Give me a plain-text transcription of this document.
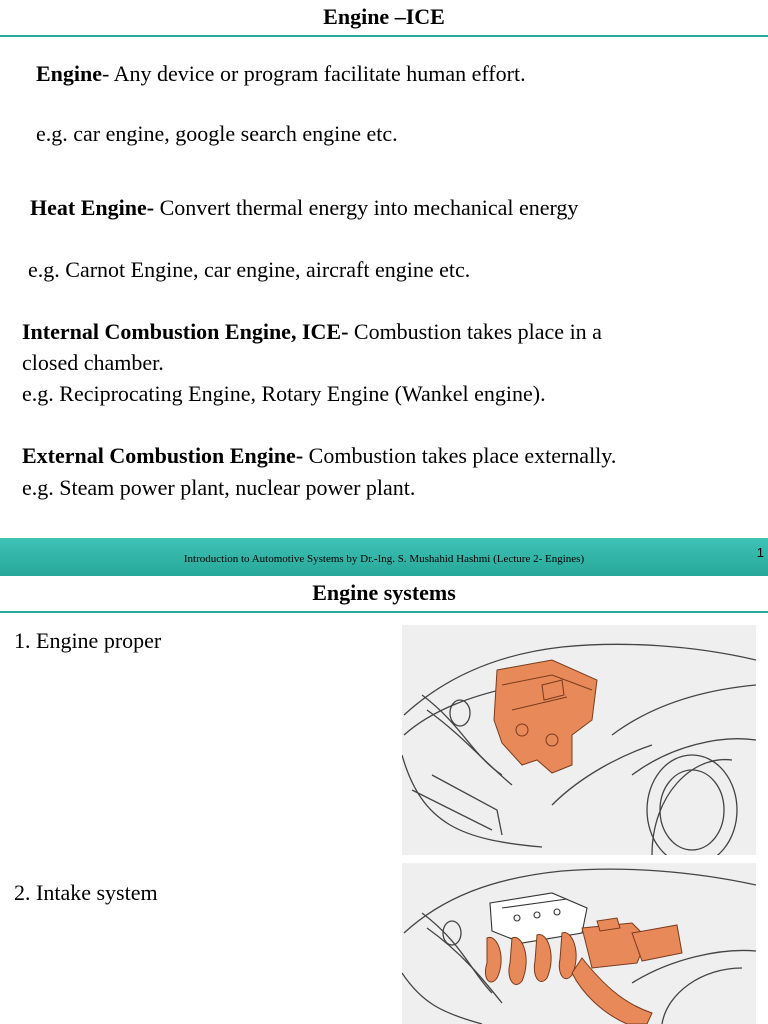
Engine –ICE
Engine- Any device or program facilitate human effort.
e.g. car engine, google search engine etc.
Heat Engine- Convert thermal energy into mechanical energy
e.g. Carnot Engine, car engine, aircraft engine etc.
Internal Combustion Engine, ICE- Combustion takes place in a
closed chamber.
e.g. Reciprocating Engine, Rotary Engine (Wankel engine).
External Combustion Engine- Combustion takes place externally.
e.g. Steam power plant, nuclear power plant.
Introduction to Automotive Systems by Dr.-Ing. S. Mushahid Hashmi (Lecture 2- Engines)	1
Engine systems
1. Engine proper
2. Intake system
